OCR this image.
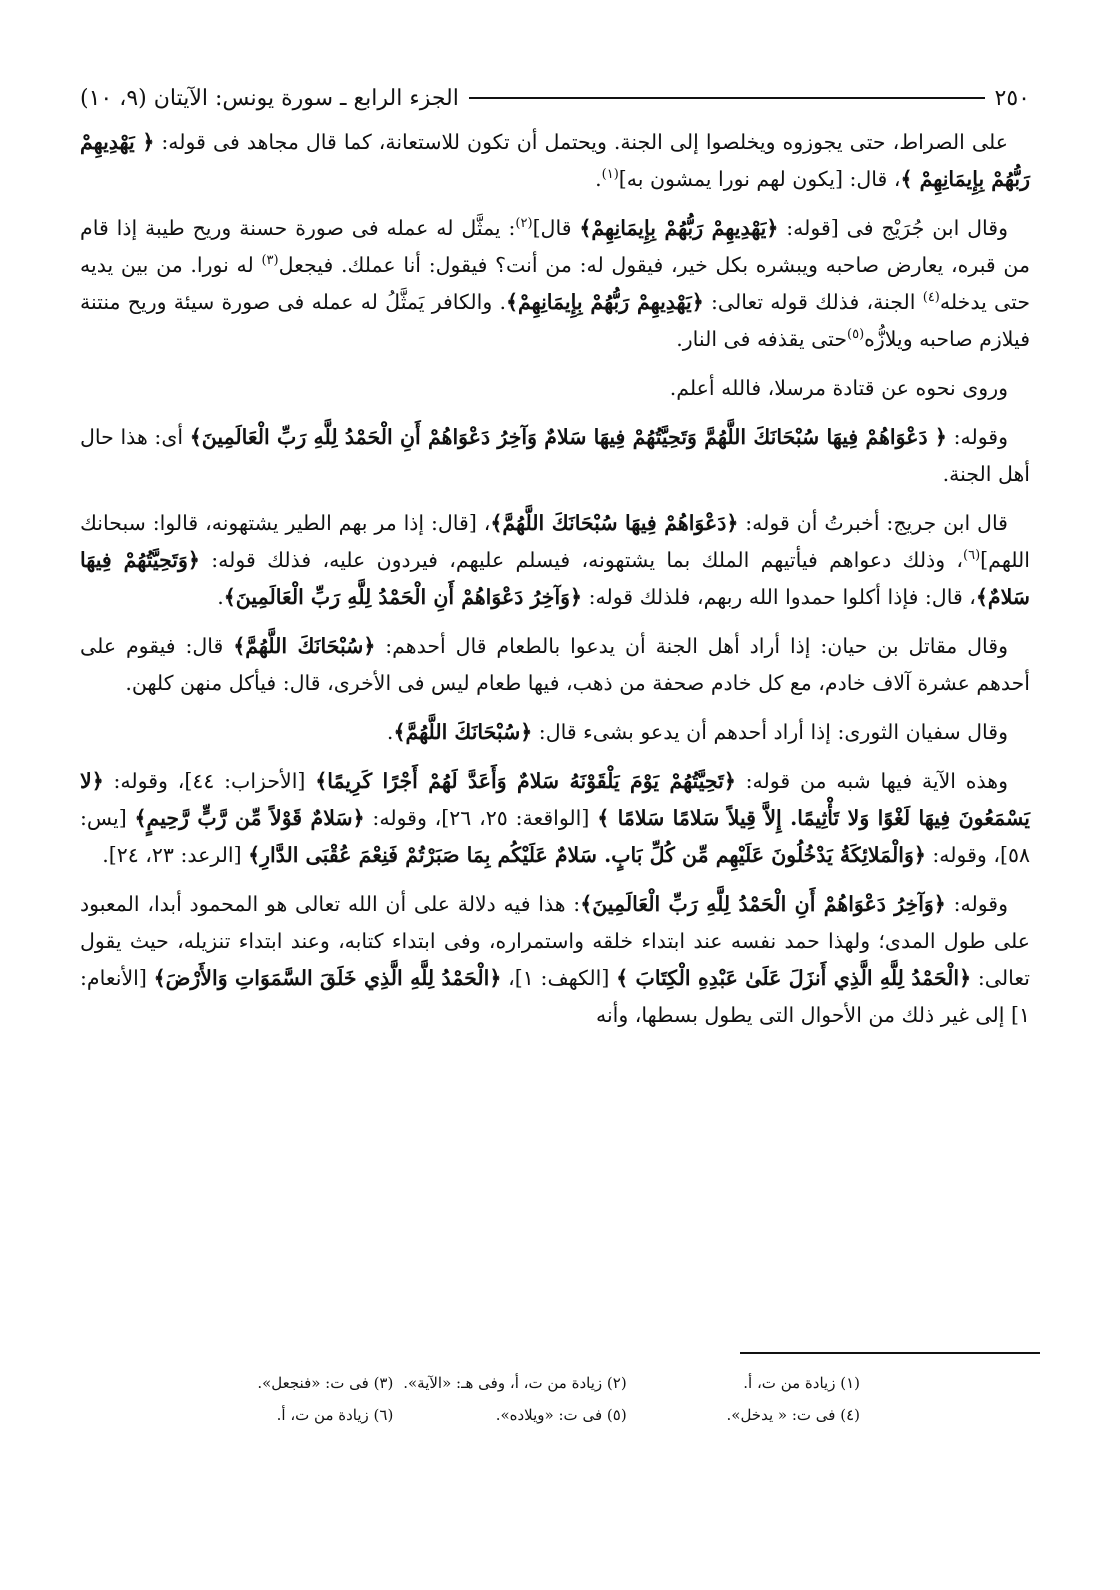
الجزء الرابع ـ سورة يونس: الآيتان (٩، ١٠)	٢٥٠
على الصراط، حتى يجوزوه ويخلصوا إلى الجنة. ويحتمل أن تكون للاستعانة، كما قال مجاهد فى قوله: ﴿ يَهْدِيهِمْ رَبُّهُمْ بِإِيمَانِهِمْ ﴾، قال: [يكون لهم نورا يمشون به]$^{(١)}$.
وقال ابن جُرَيْج فى [قوله: ﴿يَهْدِيهِمْ رَبُّهُمْ بِإِيمَانِهِمْ﴾ قال]$^{(٢)}$: يمثَّل له عمله فى صورة حسنة وريح طيبة إذا قام من قبره، يعارض صاحبه ويبشره بكل خير، فيقول له: من أنت؟ فيقول: أنا عملك. فيجعل$^{(٣)}$ له نورا. من بين يديه حتى يدخله$^{(٤)}$ الجنة، فذلك قوله تعالى: ﴿يَهْدِيهِمْ رَبُّهُمْ بِإِيمَانِهِمْ﴾. والكافر يَمثَّلُ له عمله فى صورة سيئة وريح منتنة فيلازم صاحبه ويلازُّه$^{(٥)}$حتى يقذفه فى النار.
وروى نحوه عن قتادة مرسلا، فالله أعلم.
وقوله: ﴿ دَعْوَاهُمْ فِيهَا سُبْحَانَكَ اللَّهُمَّ وَتَحِيَّتُهُمْ فِيهَا سَلامٌ وَآخِرُ دَعْوَاهُمْ أَنِ الْحَمْدُ لِلَّهِ رَبِّ الْعَالَمِينَ﴾ أى: هذا حال أهل الجنة.
قال ابن جريج: أخبرتُ أن قوله: ﴿دَعْوَاهُمْ فِيهَا سُبْحَانَكَ اللَّهُمَّ﴾، [قال: إذا مر بهم الطير يشتهونه، قالوا: سبحانك اللهم]$^{(٦)}$، وذلك دعواهم فيأتيهم الملك بما يشتهونه، فيسلم عليهم، فيردون عليه، فذلك قوله: ﴿وَتَحِيَّتُهُمْ فِيهَا سَلامٌ﴾، قال: فإذا أكلوا حمدوا الله ربهم، فلذلك قوله: ﴿وَآخِرُ دَعْوَاهُمْ أَنِ الْحَمْدُ لِلَّهِ رَبِّ الْعَالَمِينَ﴾.
وقال مقاتل بن حيان: إذا أراد أهل الجنة أن يدعوا بالطعام قال أحدهم: ﴿سُبْحَانَكَ اللَّهُمَّ﴾ قال: فيقوم على أحدهم عشرة آلاف خادم، مع كل خادم صحفة من ذهب، فيها طعام ليس فى الأخرى، قال: فيأكل منهن كلهن.
وقال سفيان الثورى: إذا أراد أحدهم أن يدعو بشىء قال: ﴿سُبْحَانَكَ اللَّهُمَّ﴾.
وهذه الآية فيها شبه من قوله: ﴿تَحِيَّتُهُمْ يَوْمَ يَلْقَوْنَهُ سَلامٌ وَأَعَدَّ لَهُمْ أَجْرًا كَرِيمًا﴾ [الأحزاب: ٤٤]، وقوله: ﴿لا يَسْمَعُونَ فِيهَا لَغْوًا وَلا تَأْثِيمًا. إِلاَّ قِيلاً سَلامًا سَلامًا ﴾ [الواقعة: ٢٥، ٢٦]، وقوله: ﴿سَلامٌ قَوْلاً مِّن رَّبٍّ رَّحِيمٍ﴾ [يس: ٥٨]، وقوله: ﴿وَالْمَلائِكَةُ يَدْخُلُونَ عَلَيْهِم مِّن كُلِّ بَابٍ. سَلامٌ عَلَيْكُم بِمَا صَبَرْتُمْ فَنِعْمَ عُقْبَى الدَّارِ﴾ [الرعد: ٢٣، ٢٤].
وقوله: ﴿وَآخِرُ دَعْوَاهُمْ أَنِ الْحَمْدُ لِلَّهِ رَبِّ الْعَالَمِينَ﴾: هذا فيه دلالة على أن الله تعالى هو المحمود أبدا، المعبود على طول المدى؛ ولهذا حمد نفسه عند ابتداء خلقه واستمراره، وفى ابتداء كتابه، وعند ابتداء تنزيله، حيث يقول تعالى: ﴿الْحَمْدُ لِلَّهِ الَّذِي أَنزَلَ عَلَىٰ عَبْدِهِ الْكِتَابَ ﴾ [الكهف: ١]، ﴿الْحَمْدُ لِلَّهِ الَّذِي خَلَقَ السَّمَوَاتِ وَالأَرْضَ﴾ [الأنعام: ١] إلى غير ذلك من الأحوال التى يطول بسطها، وأنه
(١) زيادة من ت، أ.
(٢) زيادة من ت، أ، وفى هـ: «الآية».
(٣) فى ت: «فنجعل».
(٤) فى ت: « يدخل».
(٥) فى ت: «ويلاده».
(٦) زيادة من ت، أ.
